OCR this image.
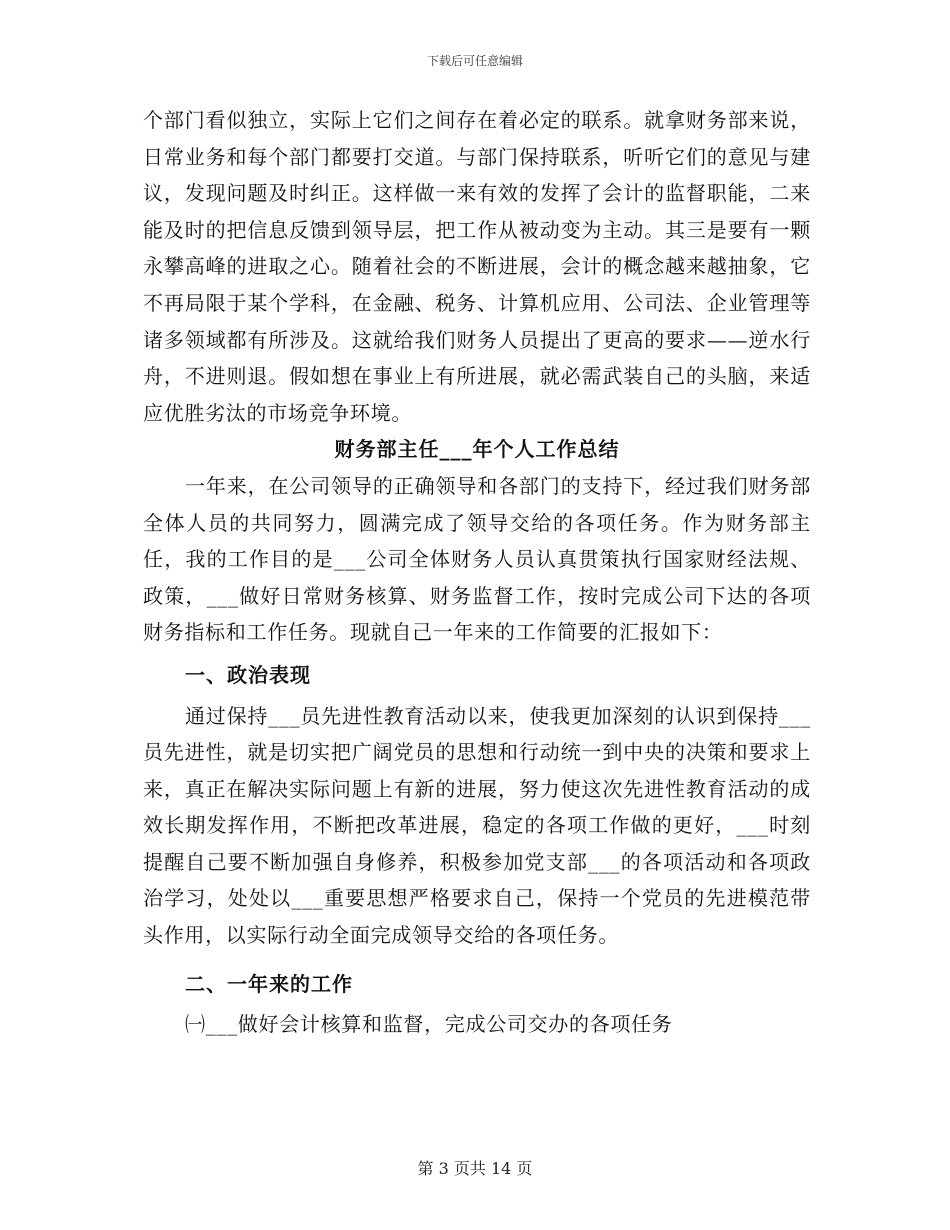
下载后可任意编辑

个部门看似独立，实际上它们之间存在着必定的联系。就拿财务部来说，日常业务和每个部门都要打交道。与部门保持联系，听听它们的意见与建议，发现问题及时纠正。这样做一来有效的发挥了会计的监督职能，二来能及时的把信息反馈到领导层，把工作从被动变为主动。其三是要有一颗永攀高峰的进取之心。随着社会的不断进展，会计的概念越来越抽象，它不再局限于某个学科，在金融、税务、计算机应用、公司法、企业管理等诸多领域都有所涉及。这就给我们财务人员提出了更高的要求——逆水行舟，不进则退。假如想在事业上有所进展，就必需武装自己的头脑，来适应优胜劣汰的市场竞争环境。

财务部主任___年个人工作总结

一年来，在公司领导的正确领导和各部门的支持下，经过我们财务部全体人员的共同努力，圆满完成了领导交给的各项任务。作为财务部主任，我的工作目的是___公司全体财务人员认真贯策执行国家财经法规、政策，___做好日常财务核算、财务监督工作，按时完成公司下达的各项财务指标和工作任务。现就自己一年来的工作简要的汇报如下：

一、政治表现

通过保持___员先进性教育活动以来，使我更加深刻的认识到保持___员先进性，就是切实把广阔党员的思想和行动统一到中央的决策和要求上来，真正在解决实际问题上有新的进展，努力使这次先进性教育活动的成效长期发挥作用，不断把改革进展，稳定的各项工作做的更好，___时刻提醒自己要不断加强自身修养，积极参加党支部___的各项活动和各项政治学习，处处以___重要思想严格要求自己，保持一个党员的先进模范带头作用，以实际行动全面完成领导交给的各项任务。

二、一年来的工作

㈠___做好会计核算和监督，完成公司交办的各项任务

第 3 页共 14 页
